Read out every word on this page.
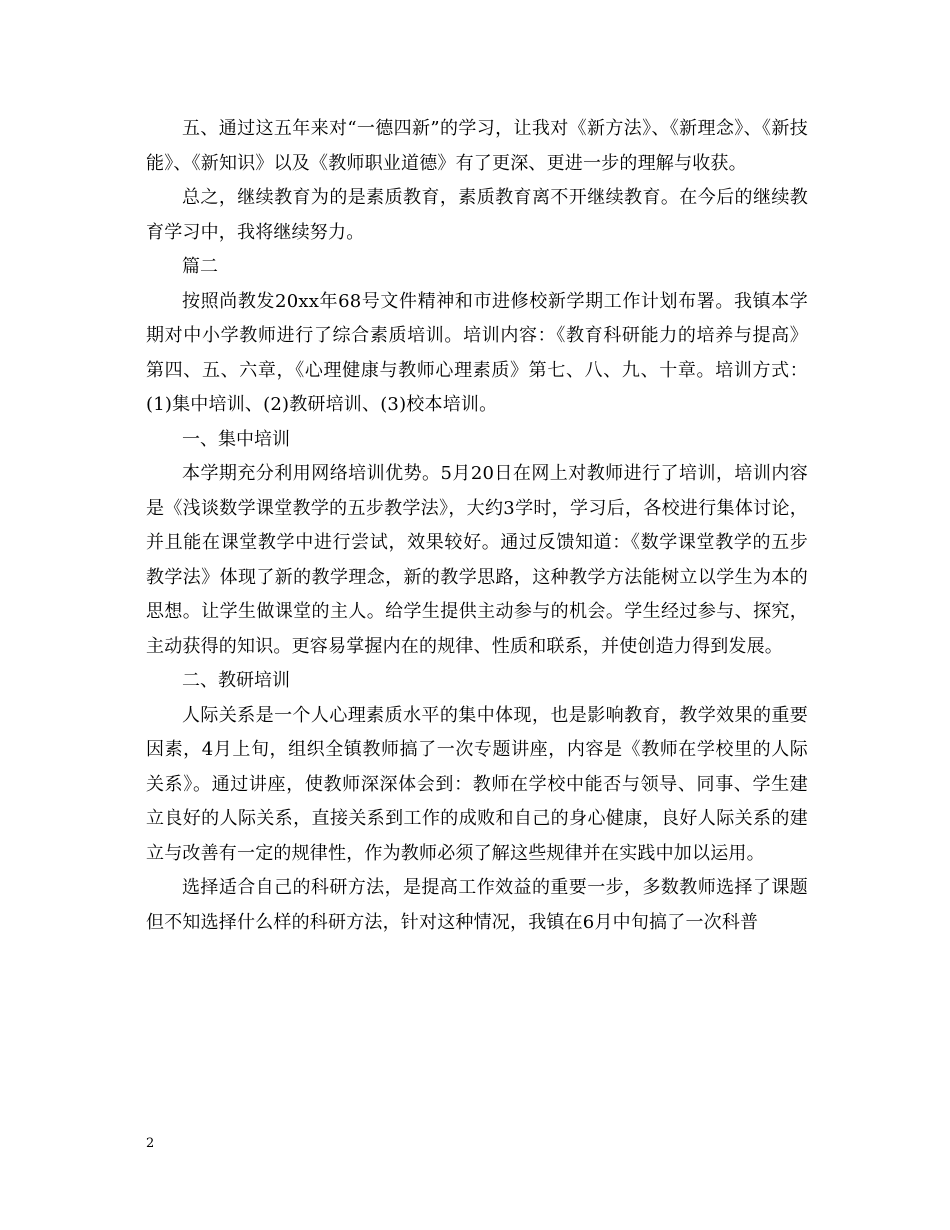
五、通过这五年来对“一德四新”的学习，让我对《新方法》、《新理念》、《新技能》、《新知识》以及《教师职业道德》有了更深、更进一步的理解与收获。

总之，继续教育为的是素质教育，素质教育离不开继续教育。在今后的继续教育学习中，我将继续努力。

篇二

按照尚教发20xx年68号文件精神和市进修校新学期工作计划布署。我镇本学期对中小学教师进行了综合素质培训。培训内容：《教育科研能力的培养与提高》第四、五、六章，《心理健康与教师心理素质》第七、八、九、十章。培训方式：(1)集中培训、(2)教研培训、(3)校本培训。

一、集中培训

本学期充分利用网络培训优势。5月20日在网上对教师进行了培训，培训内容是《浅谈数学课堂教学的五步教学法》，大约3学时，学习后，各校进行集体讨论，并且能在课堂教学中进行尝试，效果较好。通过反馈知道：《数学课堂教学的五步教学法》体现了新的教学理念，新的教学思路，这种教学方法能树立以学生为本的思想。让学生做课堂的主人。给学生提供主动参与的机会。学生经过参与、探究，主动获得的知识。更容易掌握内在的规律、性质和联系，并使创造力得到发展。

二、教研培训

人际关系是一个人心理素质水平的集中体现，也是影响教育，教学效果的重要因素，4月上旬，组织全镇教师搞了一次专题讲座，内容是《教师在学校里的人际关系》。通过讲座，使教师深深体会到：教师在学校中能否与领导、同事、学生建立良好的人际关系，直接关系到工作的成败和自己的身心健康，良好人际关系的建立与改善有一定的规律性，作为教师必须了解这些规律并在实践中加以运用。

选择适合自己的科研方法，是提高工作效益的重要一步，多数教师选择了课题但不知选择什么样的科研方法，针对这种情况，我镇在6月中旬搞了一次科普

2
